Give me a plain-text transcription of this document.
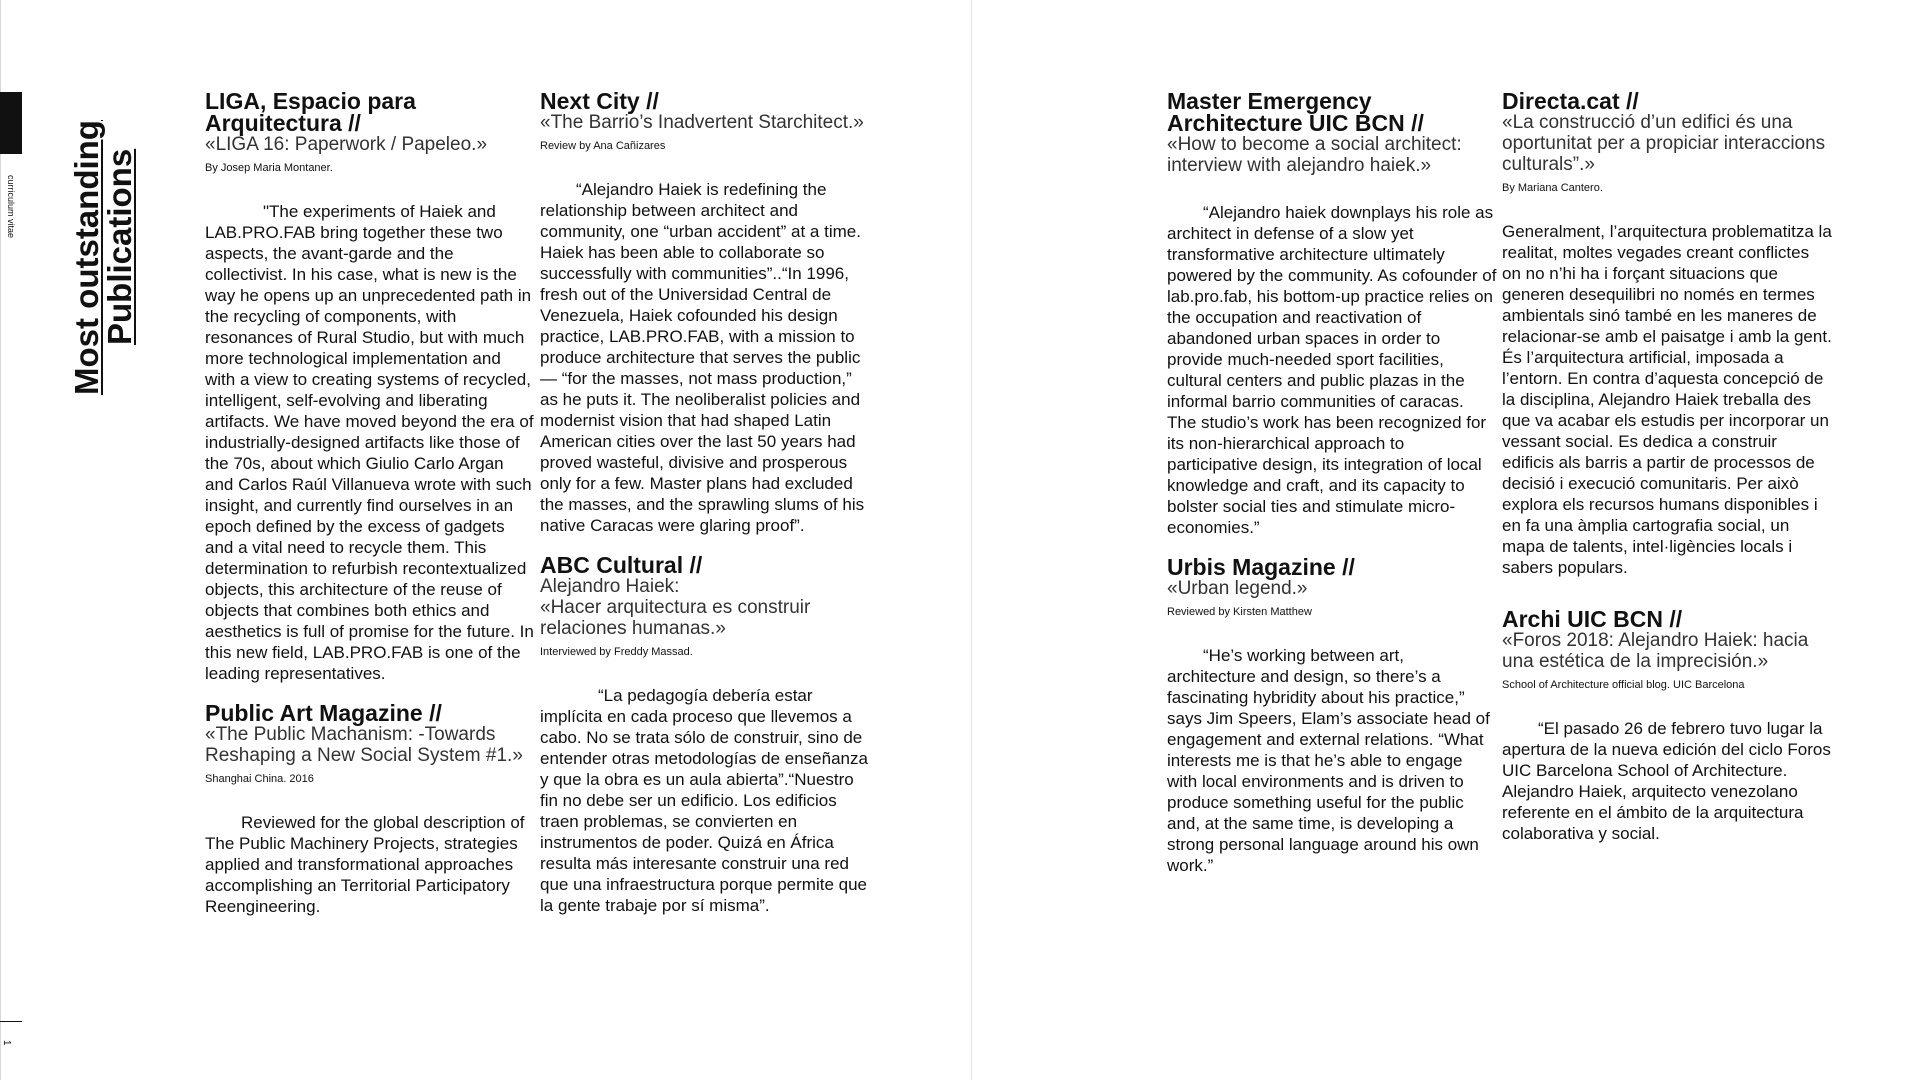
curriculum vitae
1
Most outstanding
Publications
LIGA, Espacio para Arquitectura //
«LIGA 16: Paperwork / Papeleo.»
By Josep Maria Montaner.
"The experiments of Haiek and LAB.PRO.FAB bring together these two aspects, the avant-garde and the collectivist. In his case, what is new is the way he opens up an unprecedented path in the recycling of components, with resonances of Rural Studio, but with much more technological implementation and with a view to creating systems of recycled, intelligent, self-evolving and liberating artifacts. We have moved beyond the era of industrially-designed artifacts like those of the 70s, about which Giulio Carlo Argan and Carlos Raúl Villanueva wrote with such insight, and currently find ourselves in an epoch defined by the excess of gadgets and a vital need to recycle them. This determination to refurbish recontextualized objects, this architecture of the reuse of objects that combines both ethics and aesthetics is full of promise for the future. In this new field, LAB.PRO.FAB is one of the leading representatives.
Public Art Magazine //
«The Public Machanism: -Towards Reshaping a New Social System #1.»
Shanghai China. 2016
Reviewed for the global description of The Public Machinery Projects, strategies applied and transformational approaches accomplishing an Territorial Participatory Reengineering.
Next City //
«The Barrio’s Inadvertent Starchitect.»
Review by Ana Cañizares
“Alejandro Haiek is redefining the relationship between architect and community, one “urban accident” at a time. Haiek has been able to collaborate so successfully with communities”..“In 1996, fresh out of the Universidad Central de Venezuela, Haiek cofounded his design practice, LAB.PRO.FAB, with a mission to produce architecture that serves the public — “for the masses, not mass production,” as he puts it. The neoliberalist policies and modernist vision that had shaped Latin American cities over the last 50 years had proved wasteful, divisive and prosperous only for a few. Master plans had excluded the masses, and the sprawling slums of his native Caracas were glaring proof”.
ABC Cultural //
Alejandro Haiek:
«Hacer arquitectura es construir relaciones humanas.»
Interviewed by Freddy Massad.
“La pedagogía debería estar implícita en cada proceso que llevemos a cabo. No se trata sólo de construir, sino de entender otras metodologías de enseñanza y que la obra es un aula abierta”.“Nuestro fin no debe ser un edificio. Los edificios traen problemas, se convierten en instrumentos de poder. Quizá en África resulta más interesante construir una red que una infraestructura porque permite que la gente trabaje por sí misma”.
Master Emergency Architecture UIC BCN //
«How to become a social architect: interview with alejandro haiek.»
“Alejandro haiek downplays his role as architect in defense of a slow yet transformative architecture ultimately powered by the community. As cofounder of lab.pro.fab, his bottom-up practice relies on the occupation and reactivation of abandoned urban spaces in order to provide much-needed sport facilities, cultural centers and public plazas in the informal barrio communities of caracas. The studio’s work has been recognized for its non-hierarchical approach to participative design, its integration of local knowledge and craft, and its capacity to bolster social ties and stimulate micro-economies.”
Urbis Magazine //
«Urban legend.»
Reviewed by Kirsten Matthew
“He’s working between art, architecture and design, so there’s a fascinating hybridity about his practice,” says Jim Speers, Elam’s associate head of engagement and external relations. “What interests me is that he’s able to engage with local environments and is driven to produce something useful for the public and, at the same time, is developing a strong personal language around his own work.”
Directa.cat //
«La construcció d’un edifici és una oportunitat per a propiciar interaccions culturals”.»
By Mariana Cantero.
Generalment, l’arquitectura problematitza la realitat, moltes vegades creant conflictes on no n’hi ha i forçant situacions que generen desequilibri no només en termes ambientals sinó també en les maneres de relacionar-se amb el paisatge i amb la gent. És l’arquitectura artificial, imposada a l’entorn. En contra d’aquesta concepció de la disciplina, Alejandro Haiek treballa des que va acabar els estudis per incorporar un vessant social. Es dedica a construir edificis als barris a partir de processos de decisió i execució comunitaris. Per això explora els recursos humans disponibles i en fa una àmplia cartografia social, un mapa de talents, intel·ligències locals i sabers populars.
Archi UIC BCN //
«Foros 2018: Alejandro Haiek: hacia una estética de la imprecisión.»
School of Architecture official blog. UIC Barcelona
“El pasado 26 de febrero tuvo lugar la apertura de la nueva edición del ciclo Foros UIC Barcelona School of Architecture. Alejandro Haiek, arquitecto venezolano referente en el ámbito de la arquitectura colaborativa y social.
